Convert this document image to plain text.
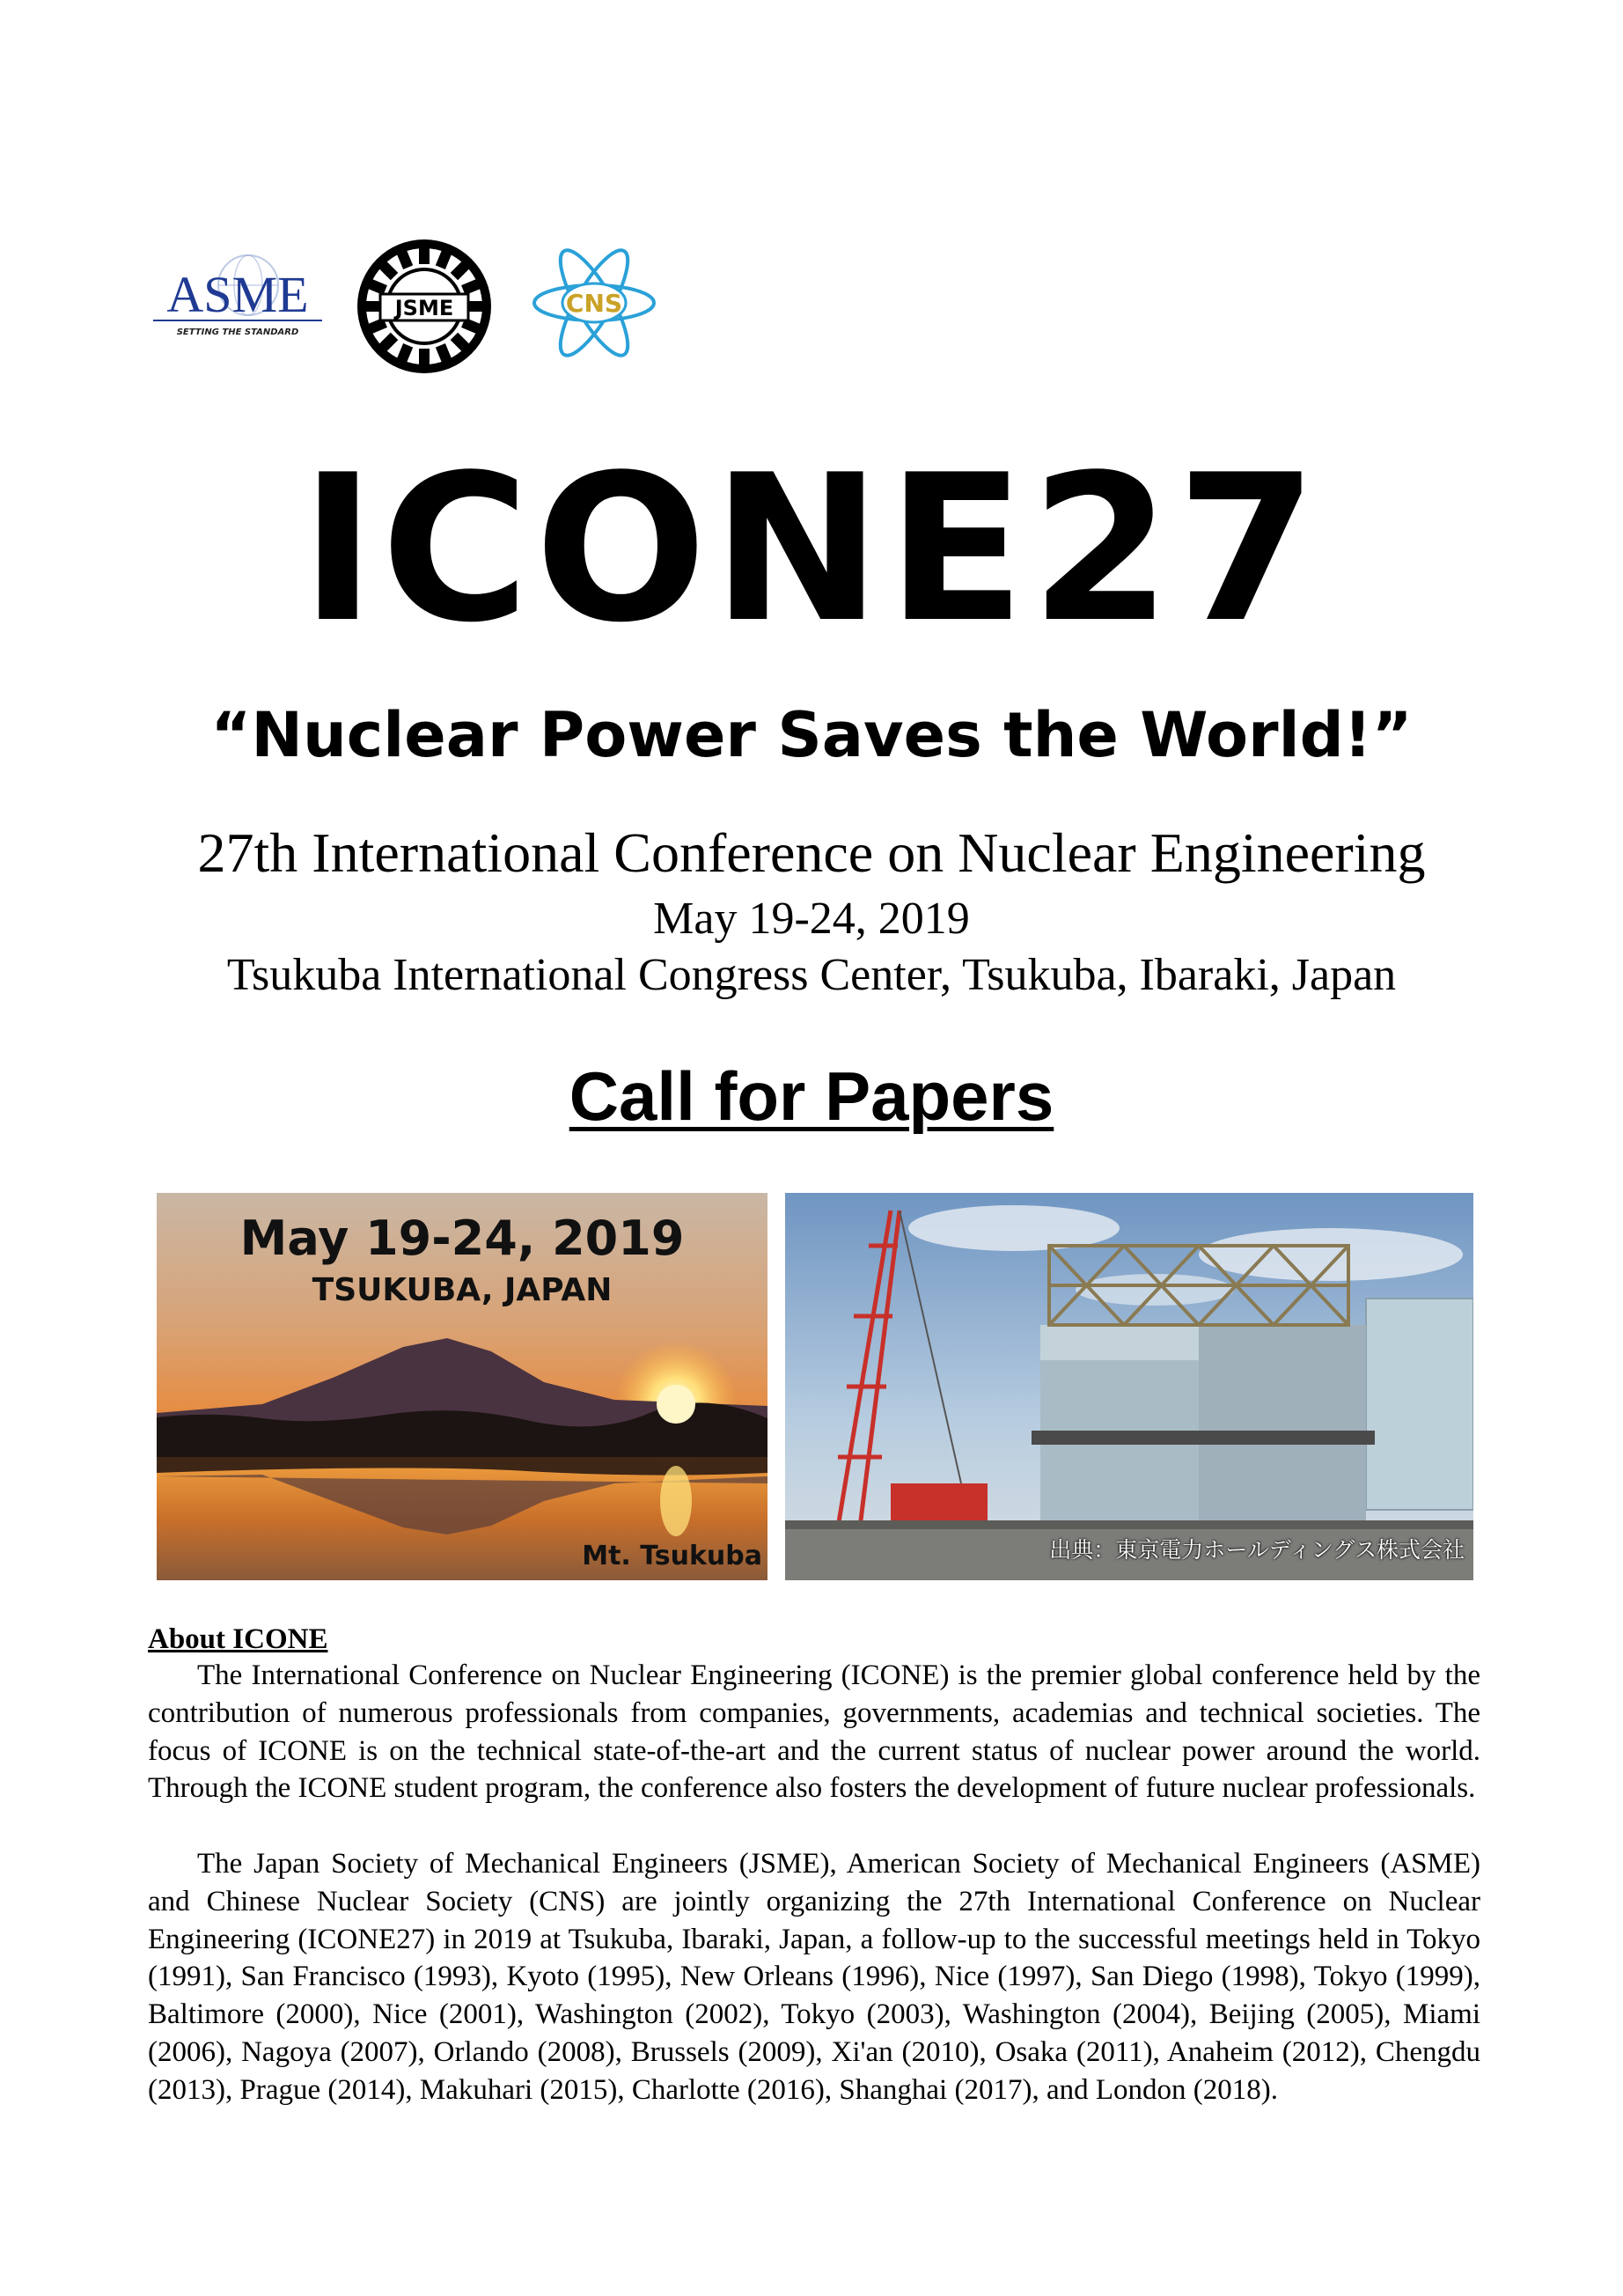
ASME
SETTING THE STANDARD
JSME	CNS
ICONE27
“Nuclear Power Saves the World!”
27th International Conference on Nuclear Engineering
May 19-24, 2019
Tsukuba International Congress Center, Tsukuba, Ibaraki, Japan
Call for Papers
May 19-24, 2019
TSUKUBA, JAPAN
Mt. Tsukuba	出典：東京電力ホールディングス株式会社
About ICONE

The International Conference on Nuclear Engineering (ICONE) is the premier global conference held by the contribution of numerous professionals from companies, governments, academias and technical societies. The focus of ICONE is on the technical state-of-the-art and the current status of nuclear power around the world. Through the ICONE student program, the conference also fosters the development of future nuclear professionals.

The Japan Society of Mechanical Engineers (JSME), American Society of Mechanical Engineers (ASME) and Chinese Nuclear Society (CNS) are jointly organizing the 27th International Conference on Nuclear Engineering (ICONE27) in 2019 at Tsukuba, Ibaraki, Japan, a follow-up to the successful meetings held in Tokyo (1991), San Francisco (1993), Kyoto (1995), New Orleans (1996), Nice (1997), San Diego (1998), Tokyo (1999), Baltimore (2000), Nice (2001), Washington (2002), Tokyo (2003), Washington (2004), Beijing (2005), Miami (2006), Nagoya (2007), Orlando (2008), Brussels (2009), Xi'an (2010), Osaka (2011), Anaheim (2012), Chengdu (2013), Prague (2014), Makuhari (2015), Charlotte (2016), Shanghai (2017), and London (2018).
